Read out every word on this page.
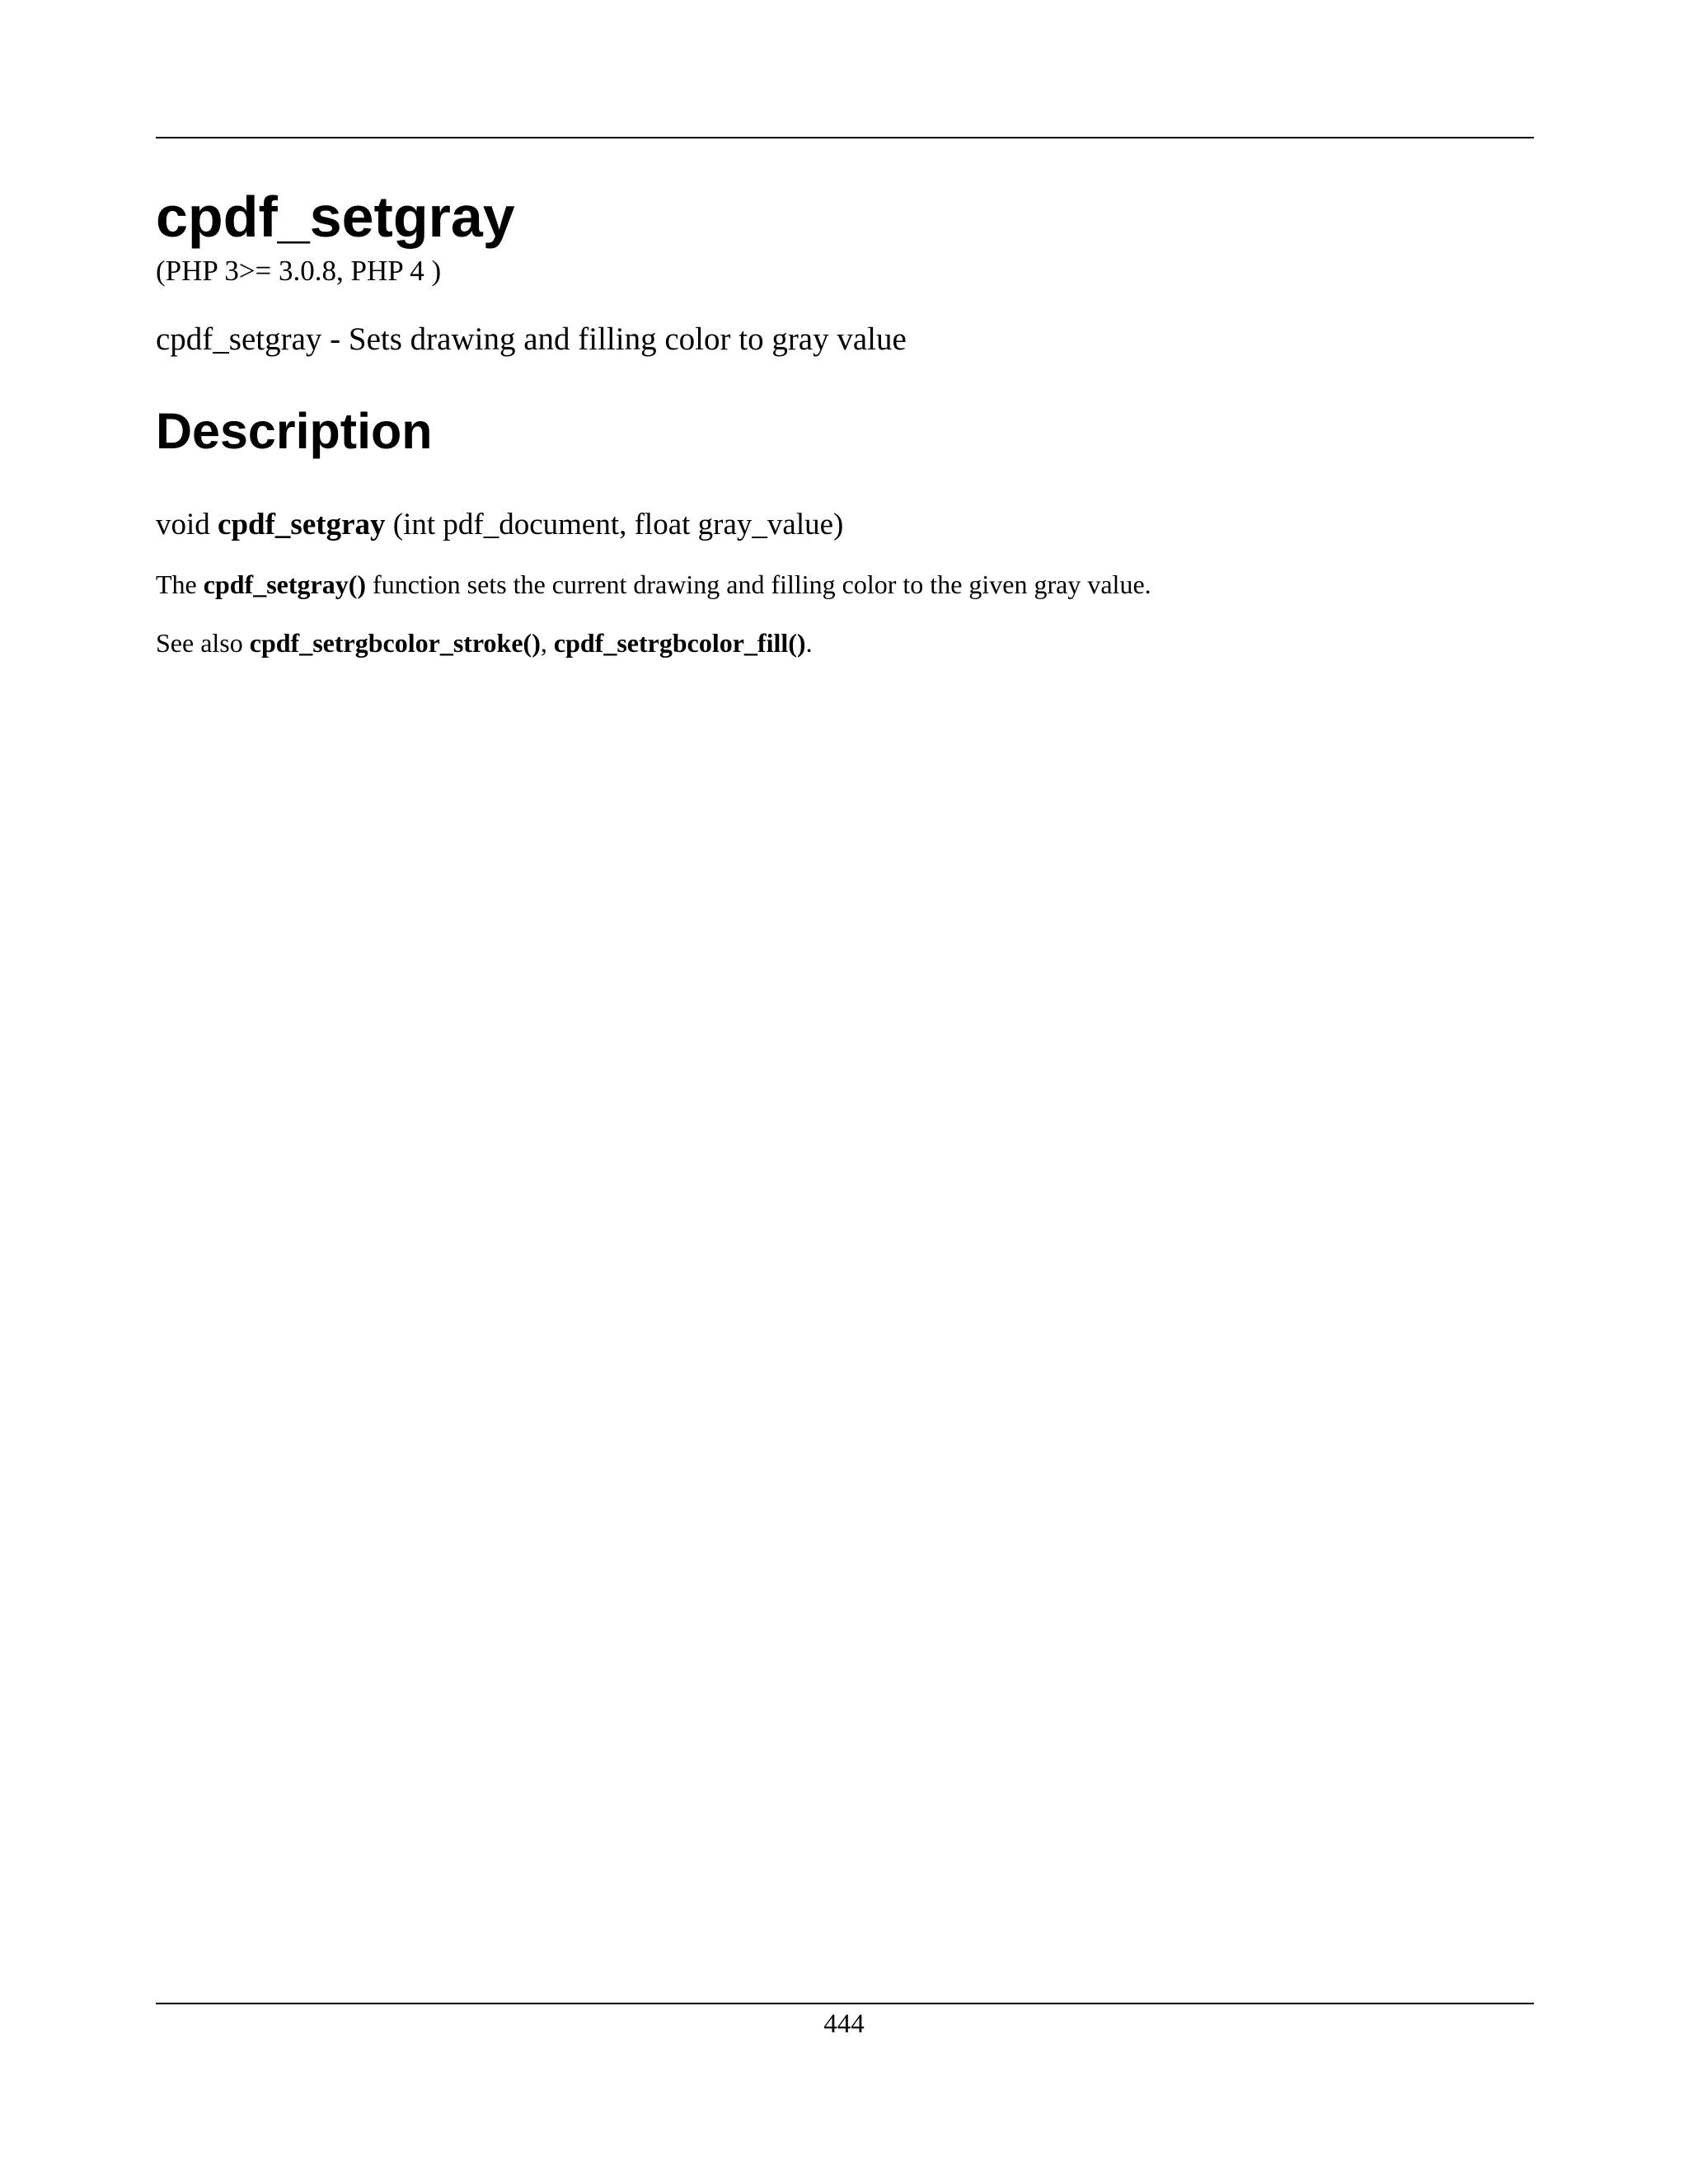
cpdf_setgray
(PHP 3>= 3.0.8, PHP 4 )
cpdf_setgray - Sets drawing and filling color to gray value
Description
void cpdf_setgray (int pdf_document, float gray_value)
The cpdf_setgray() function sets the current drawing and filling color to the given gray value.
See also cpdf_setrgbcolor_stroke(), cpdf_setrgbcolor_fill().
444
